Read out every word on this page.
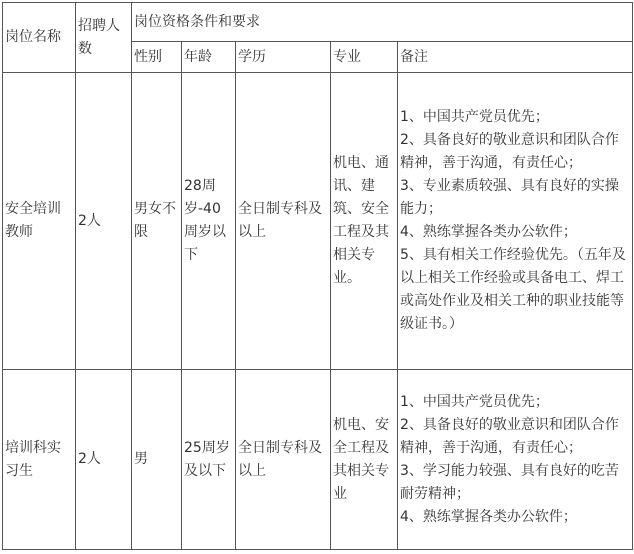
岗位名称	招聘人数	岗位资格条件和要求				
		性别	年龄	学历	专业	备注
安全培训教师	2人	男女不限	28周岁-40周岁以下	全日制专科及以上	机电、通讯、建筑、安全工程及其相关专业。	1、中国共产党员优先；
2、具备良好的敬业意识和团队合作精神，善于沟通，有责任心；
3、专业素质较强、具有良好的实操能力；
4、熟练掌握各类办公软件；
5、具有相关工作经验优先。（五年及以上相关工作经验或具备电工、焊工或高处作业及相关工种的职业技能等级证书。）

培训科实习生	2人	男	25周岁及以下	全日制专科及以上	机电、安全工程及其相关专业	1、中国共产党员优先；
2、具备良好的敬业意识和团队合作精神，善于沟通，有责任心；
3、学习能力较强、具有良好的吃苦耐劳精神；
4、熟练掌握各类办公软件；
